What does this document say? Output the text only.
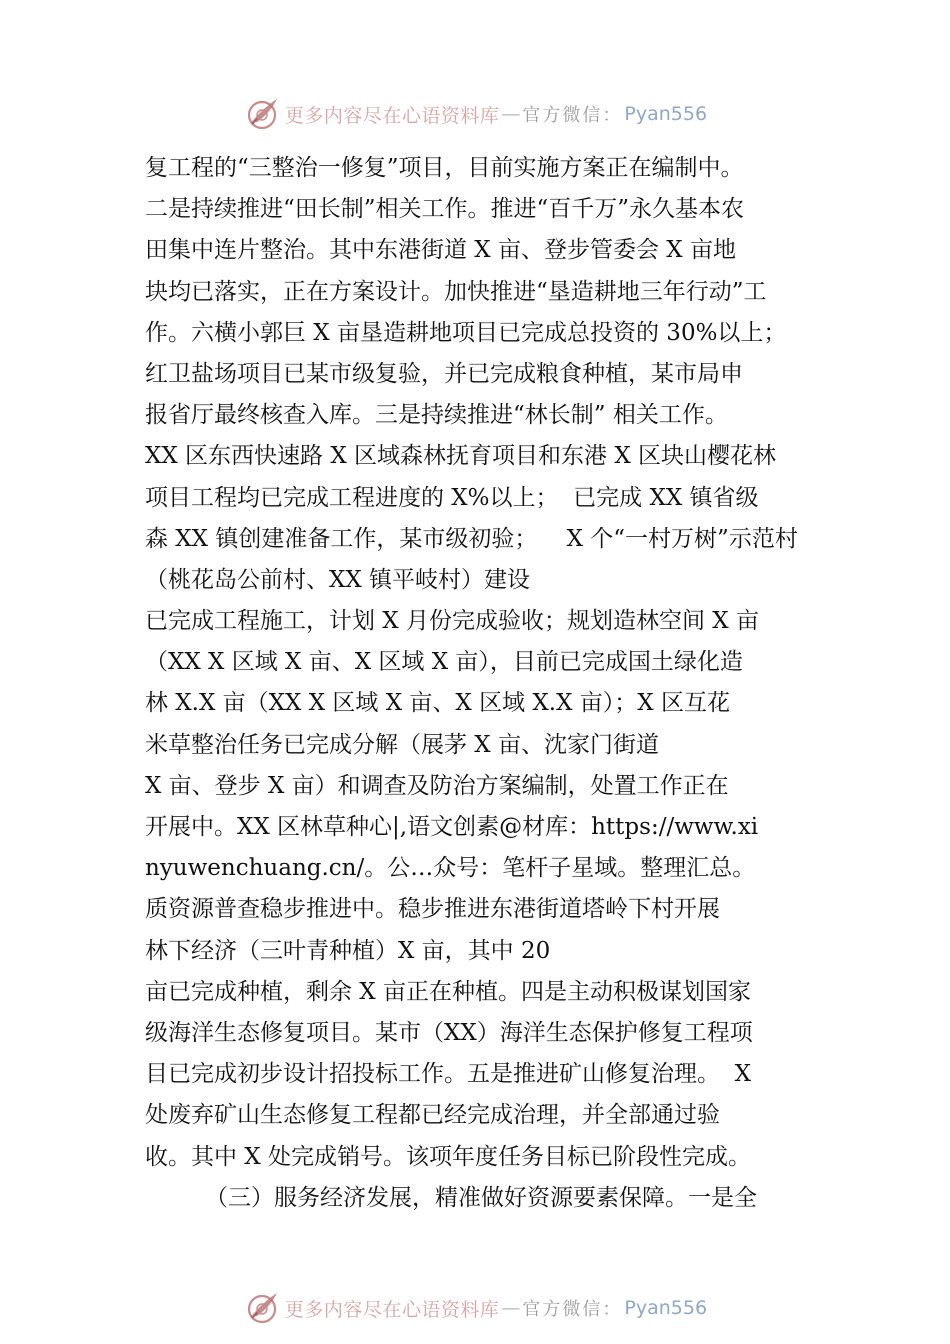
更多内容尽在心语资料库 — 官方微信： Pyan556
复工程的“三整治一修复”项目，目前实施方案正在编制中。
二是持续推进“田长制”相关工作。推进“百千万”永久基本农
田集中连片整治。其中东港街道 X 亩、登步管委会 X 亩地
块均已落实，正在方案设计。加快推进“垦造耕地三年行动”工
作。六横小郭巨 X 亩垦造耕地项目已完成总投资的 30%以上；
红卫盐场项目已某市级复验，并已完成粮食种植，某市局申
报省厅最终核查入库。三是持续推进“林长制” 相关工作。
XX 区东西快速路 X 区域森林抚育项目和东港 X 区块山樱花林
项目工程均已完成工程进度的 X%以上；  已完成 XX 镇省级
森 XX 镇创建准备工作，某市级初验；    X 个“一村万树”示范村
（桃花岛公前村、XX 镇平岐村）建设
已完成工程施工，计划 X 月份完成验收；规划造林空间 X 亩
（XX X 区域 X 亩、X 区域 X 亩），目前已完成国土绿化造
林 X.X 亩（XX X 区域 X 亩、X 区域 X.X 亩）；X 区互花
米草整治任务已完成分解（展茅 X 亩、沈家门街道
X 亩、登步 X 亩）和调查及防治方案编制，处置工作正在
开展中。XX 区林草种心|,语文创素@材库：https://www.xi
nyuwenchuang.cn/。公…众号：笔杆子星域。整理汇总。
质资源普查稳步推进中。稳步推进东港街道塔岭下村开展
林下经济（三叶青种植）X 亩，其中 20
亩已完成种植，剩余 X 亩正在种植。四是主动积极谋划国家
级海洋生态修复项目。某市（XX）海洋生态保护修复工程项
目已完成初步设计招投标工作。五是推进矿山修复治理。  X
处废弃矿山生态修复工程都已经完成治理，并全部通过验
收。其中 X 处完成销号。该项年度任务目标已阶段性完成。
（三）服务经济发展，精准做好资源要素保障。一是全
更多内容尽在心语资料库 — 官方微信： Pyan556
